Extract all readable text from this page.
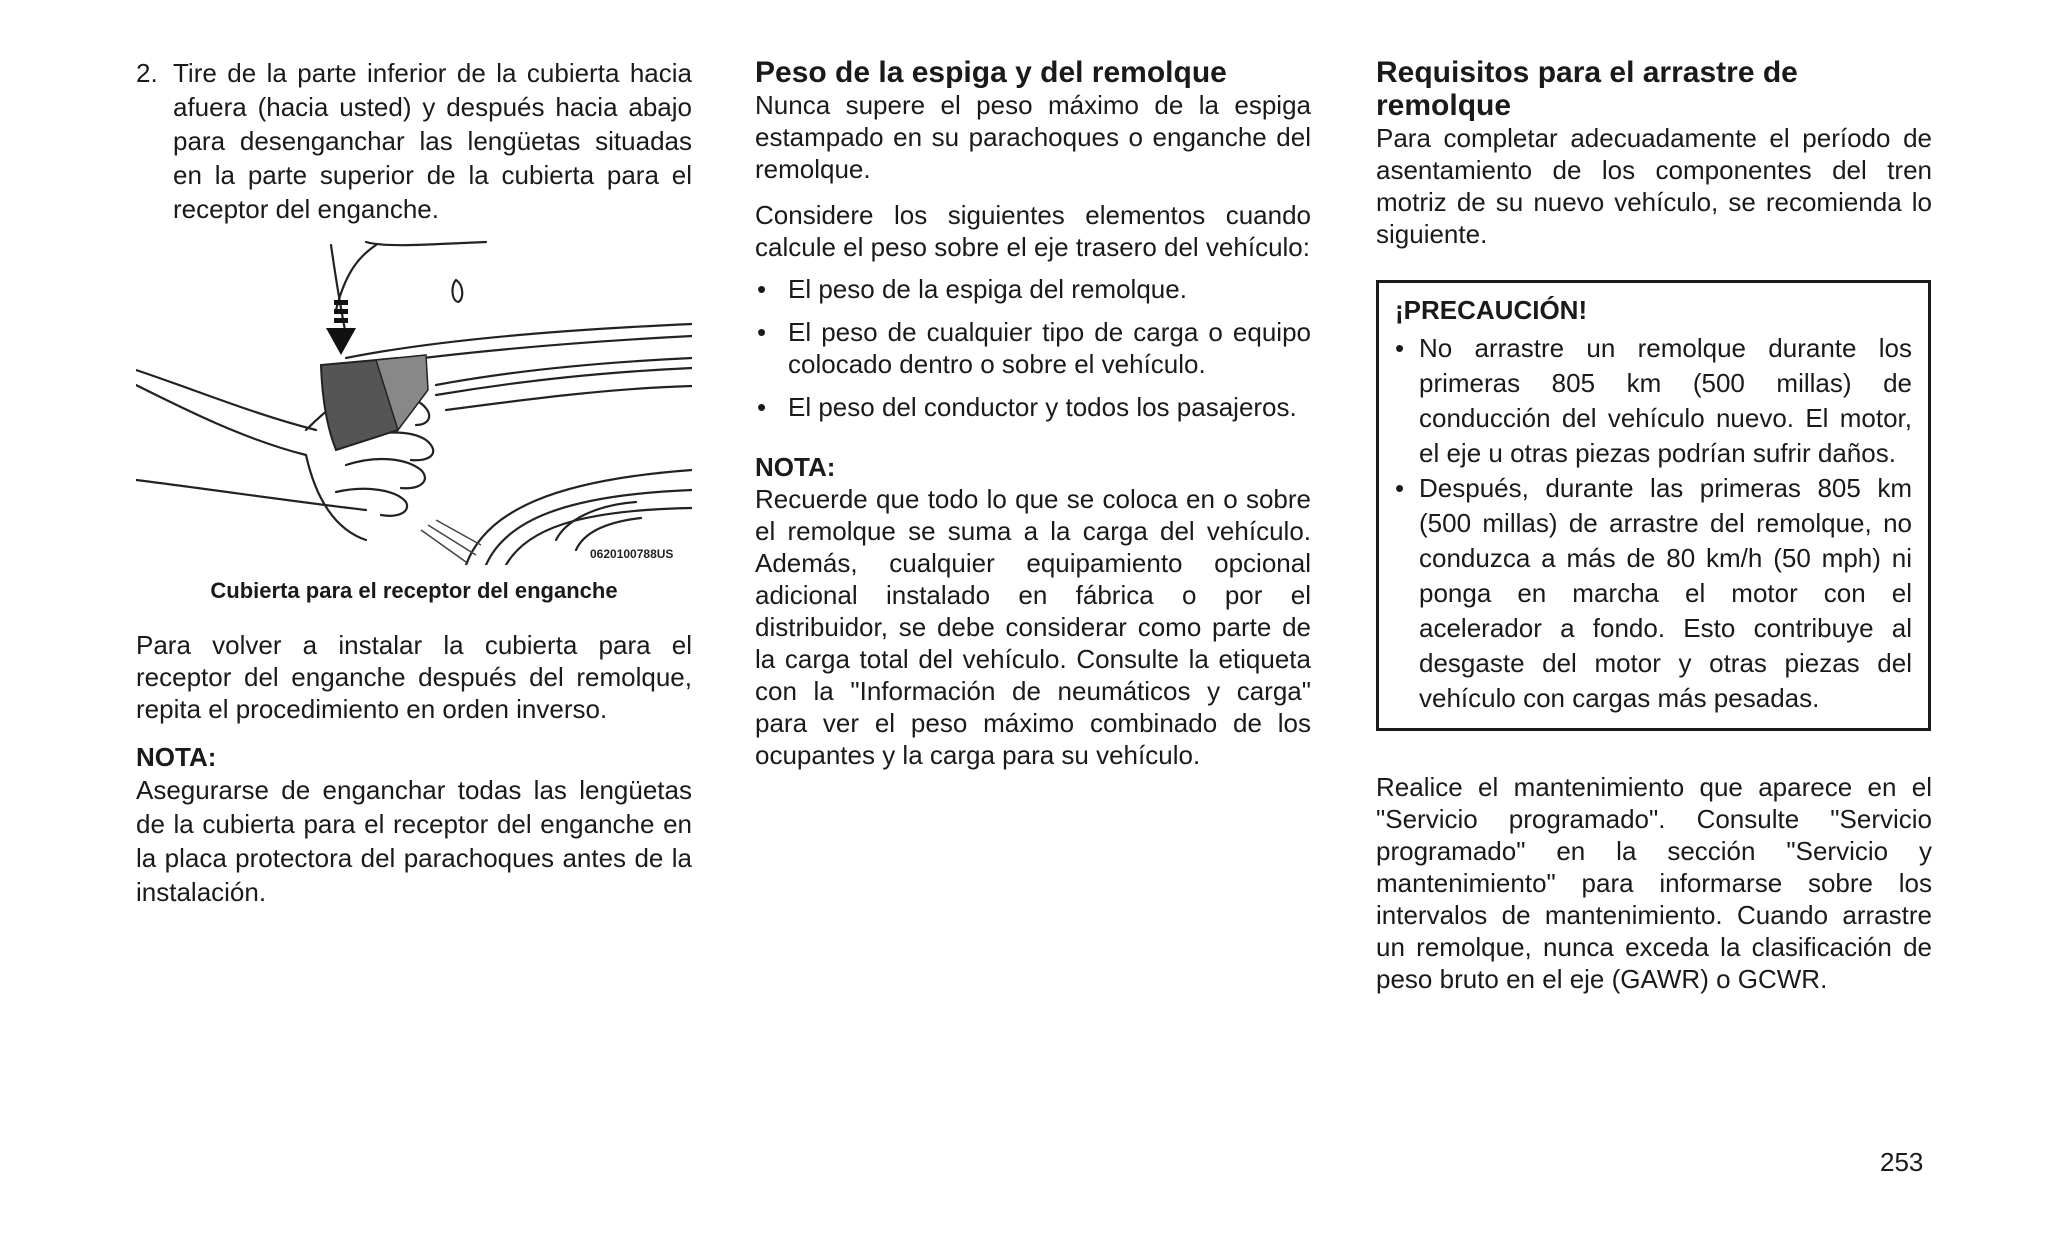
2. Tire de la parte inferior de la cubierta hacia afuera (hacia usted) y después hacia abajo para desenganchar las lengüetas situadas en la parte superior de la cubierta para el receptor del enganche.
0620100788US
Cubierta para el receptor del enganche

Para volver a instalar la cubierta para el receptor del enganche después del remolque, repita el procedimiento en orden inverso.

NOTA:

Asegurarse de enganchar todas las lengüetas de la cubierta para el receptor del enganche en la placa protectora del parachoques antes de la instalación.

Peso de la espiga y del remolque

Nunca supere el peso máximo de la espiga estampado en su parachoques o enganche del remolque.

Considere los siguientes elementos cuando calcule el peso sobre el eje trasero del vehículo:

• El peso de la espiga del remolque.
• El peso de cualquier tipo de carga o equipo colocado dentro o sobre el vehículo.
• El peso del conductor y todos los pasajeros.

NOTA:

Recuerde que todo lo que se coloca en o sobre el remolque se suma a la carga del vehículo. Además, cualquier equipamiento opcional adicional instalado en fábrica o por el distribuidor, se debe considerar como parte de la carga total del vehículo. Consulte la etiqueta con la "Información de neumáticos y carga" para ver el peso máximo combinado de los ocupantes y la carga para su vehículo.

Requisitos para el arrastre de remolque

Para completar adecuadamente el período de asentamiento de los componentes del tren motriz de su nuevo vehículo, se recomienda lo siguiente.

¡PRECAUCIÓN!
• No arrastre un remolque durante los primeras 805 km (500 millas) de conducción del vehículo nuevo. El motor, el eje u otras piezas podrían sufrir daños.
• Después, durante las primeras 805 km (500 millas) de arrastre del remolque, no conduzca a más de 80 km/h (50 mph) ni ponga en marcha el motor con el acelerador a fondo. Esto contribuye al desgaste del motor y otras piezas del vehículo con cargas más pesadas.

Realice el mantenimiento que aparece en el "Servicio programado". Consulte "Servicio programado" en la sección "Servicio y mantenimiento" para informarse sobre los intervalos de mantenimiento. Cuando arrastre un remolque, nunca exceda la clasificación de peso bruto en el eje (GAWR) o GCWR.

253
